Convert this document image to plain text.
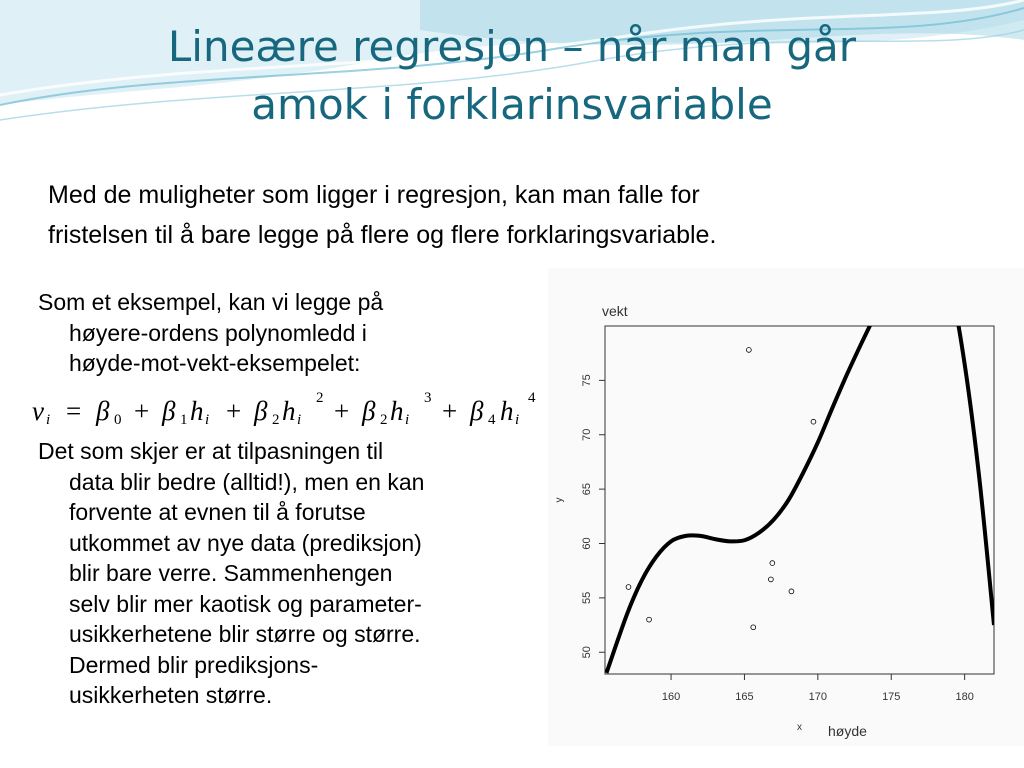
Lineære regresjon – når man går
amok i forklarinsvariable
Med de muligheter som ligger i regresjon, kan man falle for
fristelsen til å bare legge på flere og flere forklaringsvariable.
Som et eksempel, kan vi legge på
høyere-ordens polynomledd i
høyde-mot-vekt-eksempelet:
v i = β 0 + β 1 h i + β 2 h i
2 + β 2 h i
3 + β 4 h i
4
Det som skjer er at tilpasningen til
data blir bedre (alltid!), men en kan
forvente at evnen til å forutse
utkommet av nye data (prediksjon)
blir bare verre. Sammenhengen
selv blir mer kaotisk og parameter-
usikkerhetene blir større og større.
Dermed blir prediksjons-
usikkerheten større.	160	165	170	175	180
50
55
60
65
70
75
x
y
høyde
vekt
